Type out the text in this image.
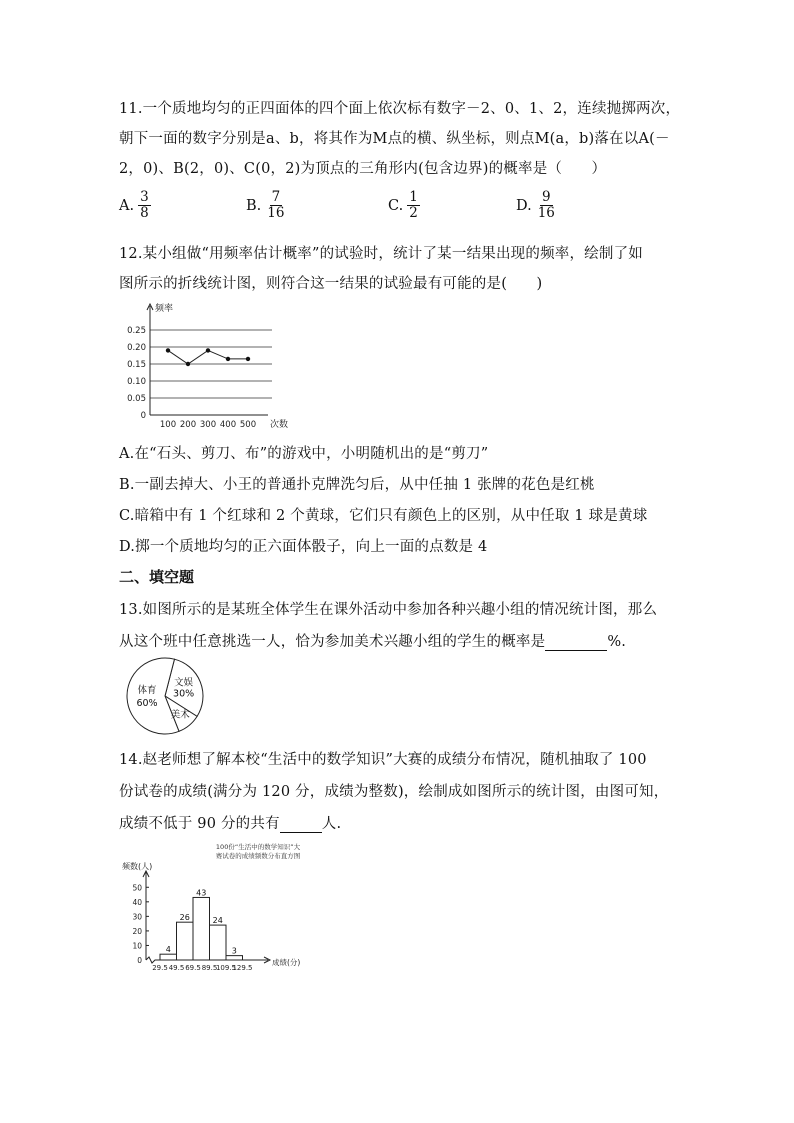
11.一个质地均匀的正四面体的四个面上依次标有数字－2、0、1、2，连续抛掷两次，
朝下一面的数字分别是a、b，将其作为M点的横、纵坐标，则点M(a，b)落在以A(－
2，0)、B(2，0)、C(0，2)为顶点的三角形内(包含边界)的概率是（　　）
A. $\frac{3}{8}$	B. $\frac{7}{16}$	C. $\frac{1}{2}$	D. $\frac{9}{16}$
12.某小组做“用频率估计概率”的试验时，统计了某一结果出现的频率，绘制了如
图所示的折线统计图，则符合这一结果的试验最有可能的是(　　)
0.25
0.20
0.15
0.10
0.05
0
频率
次数
100 200 300 400 500
A.在“石头、剪刀、布”的游戏中，小明随机出的是“剪刀”
B.一副去掉大、小王的普通扑克牌洗匀后，从中任抽 1 张牌的花色是红桃
C.暗箱中有 1 个红球和 2 个黄球，它们只有颜色上的区别，从中任取 1 球是黄球
D.掷一个质地均匀的正六面体骰子，向上一面的点数是 4
二、填空题
13.如图所示的是某班全体学生在课外活动中参加各种兴趣小组的情况统计图，那么
从这个班中任意挑选一人，恰为参加美术兴趣小组的学生的概率是	%.
文娱
30%
美术
体育
60%
14.赵老师想了解本校“生活中的数学知识”大赛的成绩分布情况，随机抽取了 100
份试卷的成绩(满分为 120 分，成绩为整数)，绘制成如图所示的统计图，由图可知，
成绩不低于 90 分的共有	人.
100份“生活中的数学知识”大
赛试卷的成绩频数分布直方图
频数(人)
成绩(分)
50
40
30
20
10
0
4
26
43
24
3
29.5 49.5 69.5 89.5
109.5
129.5
